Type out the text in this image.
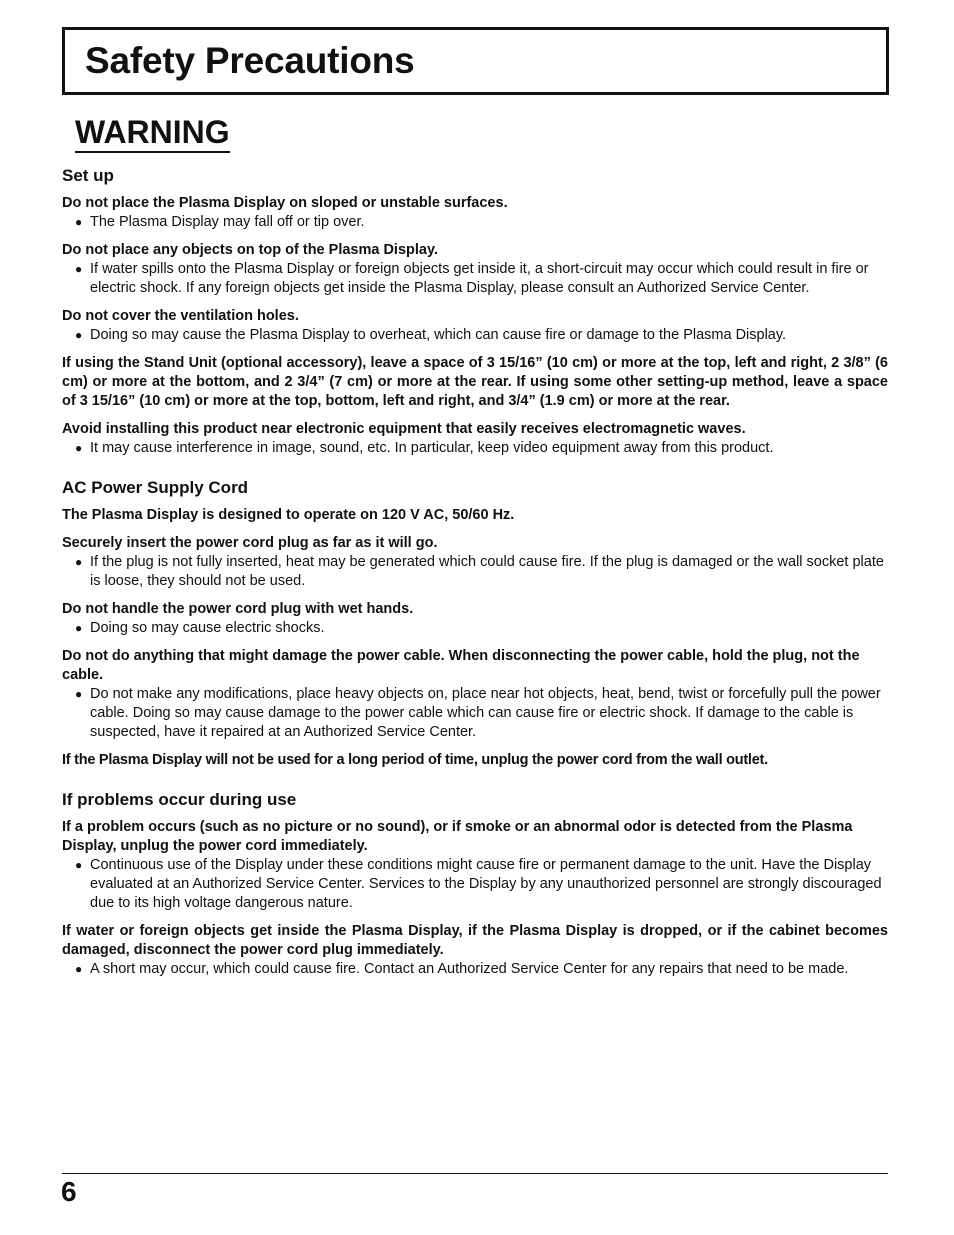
Safety Precautions
WARNING

Set up

Do not place the Plasma Display on sloped or unstable surfaces.

● The Plasma Display may fall off or tip over.

Do not place any objects on top of the Plasma Display.

● If water spills onto the Plasma Display or foreign objects get inside it, a short-circuit may occur which could result in fire or electric shock. If any foreign objects get inside the Plasma Display, please consult an Authorized Service Center.

Do not cover the ventilation holes.

● Doing so may cause the Plasma Display to overheat, which can cause fire or damage to the Plasma Display.

If using the Stand Unit (optional accessory), leave a space of 3 15/16” (10 cm) or more at the top, left and right, 2 3/8” (6 cm) or more at the bottom, and 2 3/4” (7 cm) or more at the rear. If using some other setting-up method, leave a space of 3 15/16” (10 cm) or more at the top, bottom, left and right, and 3/4” (1.9 cm) or more at the rear.

Avoid installing this product near electronic equipment that easily receives electromagnetic waves.

● It may cause interference in image, sound, etc. In particular, keep video equipment away from this product.

AC Power Supply Cord

The Plasma Display is designed to operate on 120 V AC, 50/60 Hz.

Securely insert the power cord plug as far as it will go.

● If the plug is not fully inserted, heat may be generated which could cause fire. If the plug is damaged or the wall socket plate is loose, they should not be used.

Do not handle the power cord plug with wet hands.

● Doing so may cause electric shocks.

Do not do anything that might damage the power cable. When disconnecting the power cable, hold the plug, not the cable.

● Do not make any modifications, place heavy objects on, place near hot objects, heat, bend, twist or forcefully pull the power cable. Doing so may cause damage to the power cable which can cause fire or electric shock. If damage to the cable is suspected, have it repaired at an Authorized Service Center.

If the Plasma Display will not be used for a long period of time, unplug the power cord from the wall outlet.

If problems occur during use

If a problem occurs (such as no picture or no sound), or if smoke or an abnormal odor is detected from the Plasma Display, unplug the power cord immediately.

● Continuous use of the Display under these conditions might cause fire or permanent damage to the unit. Have the Display evaluated at an Authorized Service Center. Services to the Display by any unauthorized personnel are strongly discouraged due to its high voltage dangerous nature.

If water or foreign objects get inside the Plasma Display, if the Plasma Display is dropped, or if the cabinet becomes damaged, disconnect the power cord plug immediately.

● A short may occur, which could cause fire. Contact an Authorized Service Center for any repairs that need to be made.

6
